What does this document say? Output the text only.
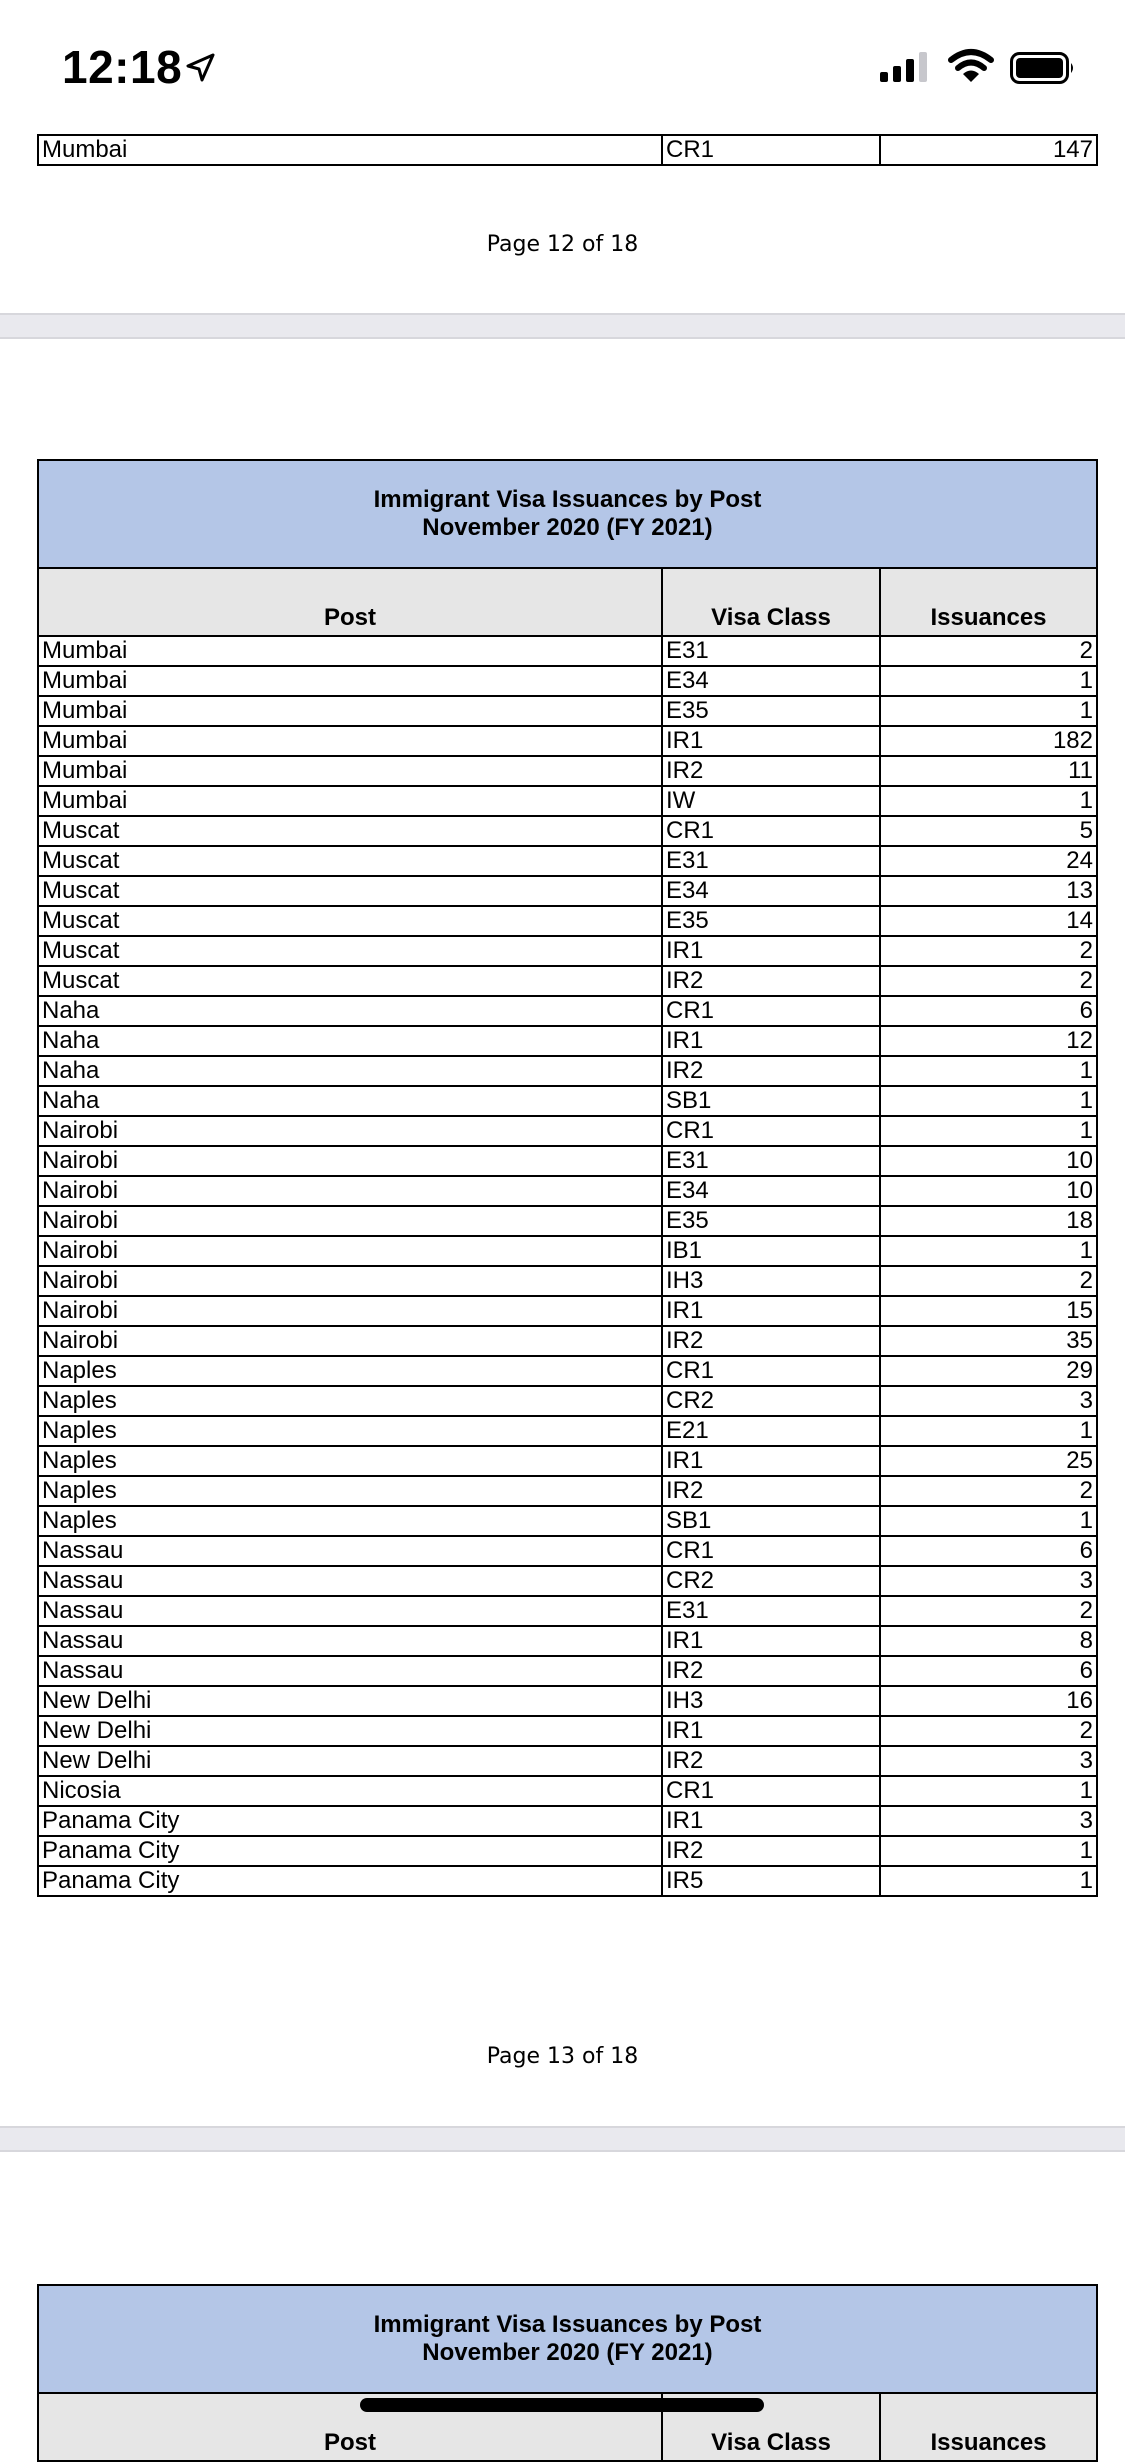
12:18
Mumbai	CR1	147
Page 12 of 18
Immigrant Visa Issuances by Post
November 2020 (FY 2021)		
Post	Visa Class	Issuances
Mumbai	E31	2
Mumbai	E34	1
Mumbai	E35	1
Mumbai	IR1	182
Mumbai	IR2	11
Mumbai	IW	1
Muscat	CR1	5
Muscat	E31	24
Muscat	E34	13
Muscat	E35	14
Muscat	IR1	2
Muscat	IR2	2
Naha	CR1	6
Naha	IR1	12
Naha	IR2	1
Naha	SB1	1
Nairobi	CR1	1
Nairobi	E31	10
Nairobi	E34	10
Nairobi	E35	18
Nairobi	IB1	1
Nairobi	IH3	2
Nairobi	IR1	15
Nairobi	IR2	35
Naples	CR1	29
Naples	CR2	3
Naples	E21	1
Naples	IR1	25
Naples	IR2	2
Naples	SB1	1
Nassau	CR1	6
Nassau	CR2	3
Nassau	E31	2
Nassau	IR1	8
Nassau	IR2	6
New Delhi	IH3	16
New Delhi	IR1	2
New Delhi	IR2	3
Nicosia	CR1	1
Panama City	IR1	3
Panama City	IR2	1
Panama City	IR5	1
Page 13 of 18
Immigrant Visa Issuances by Post
November 2020 (FY 2021)
Post	Visa Class	Issuances
